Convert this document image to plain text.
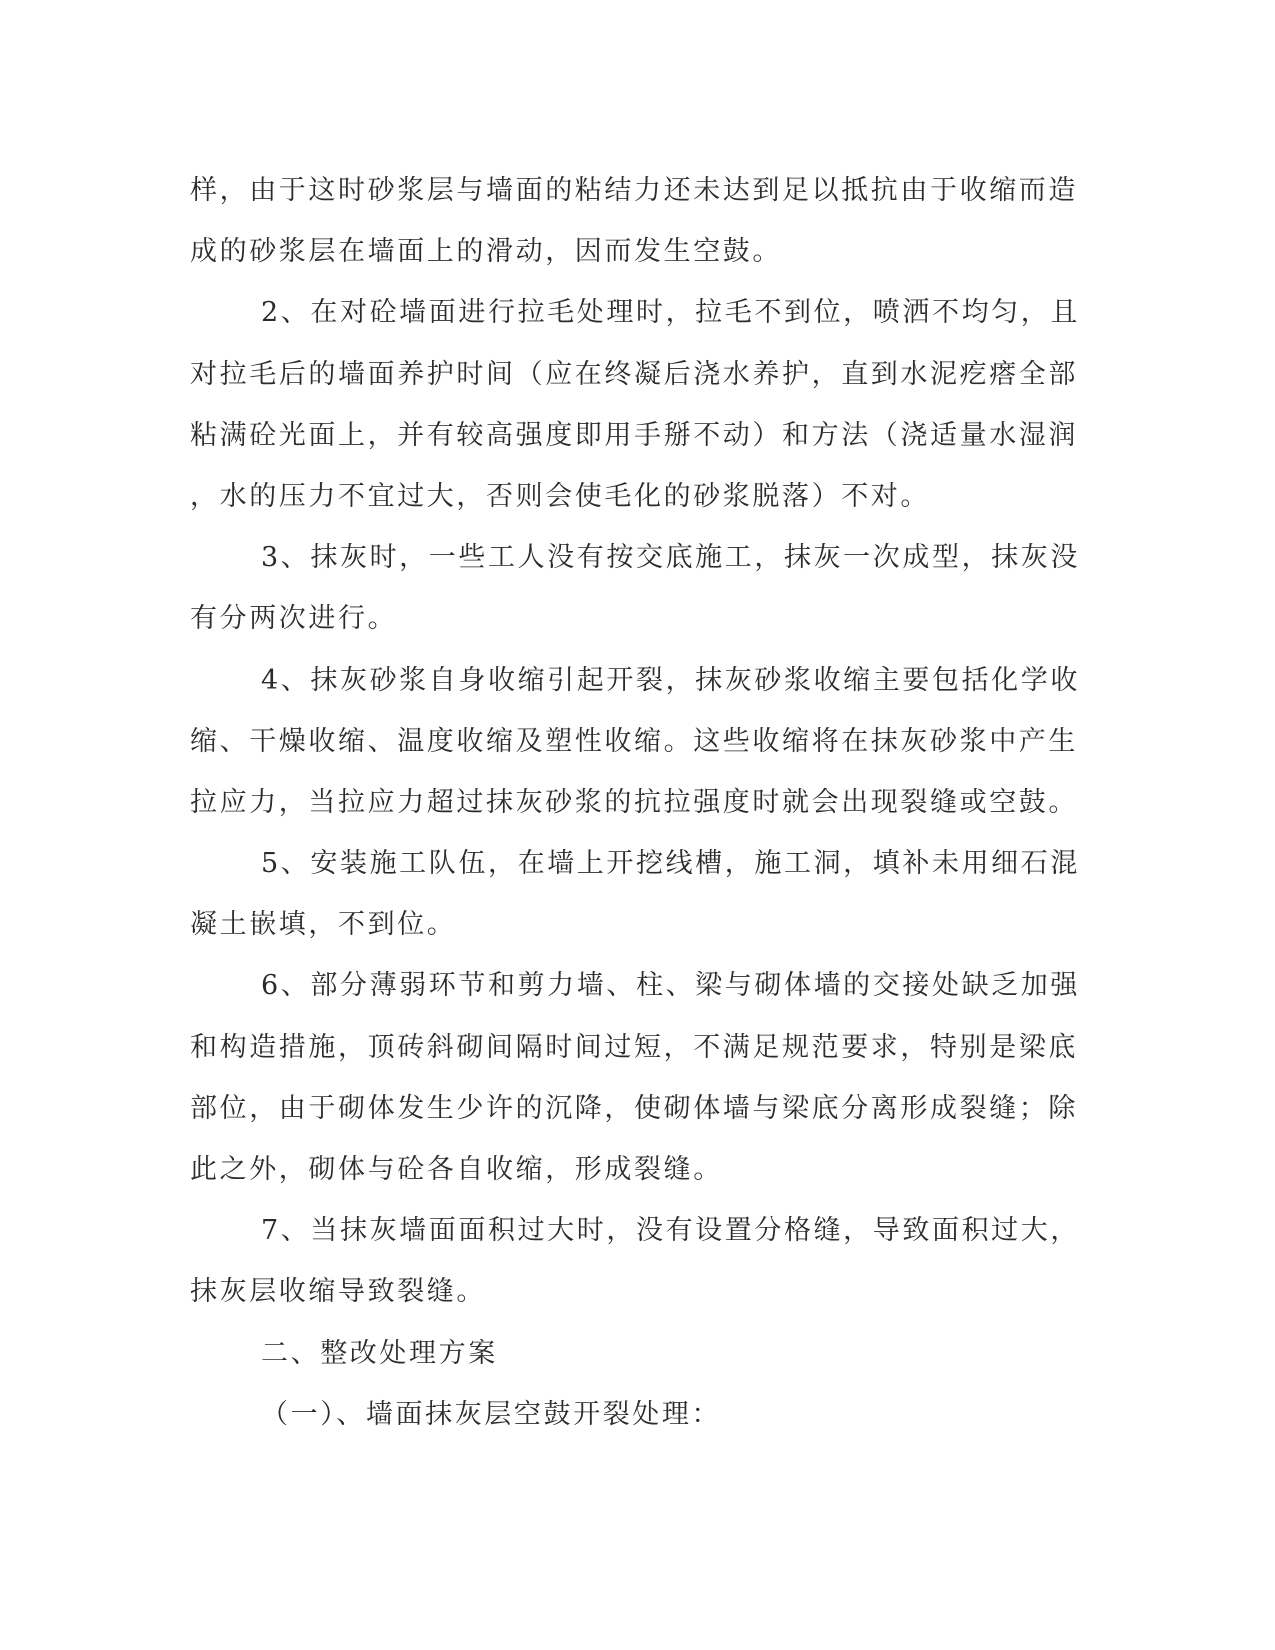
样，由于这时砂浆层与墙面的粘结力还未达到足以抵抗由于收缩而造
成的砂浆层在墙面上的滑动，因而发生空鼓。
2、在对砼墙面进行拉毛处理时，拉毛不到位，喷洒不均匀，且
对拉毛后的墙面养护时间（应在终凝后浇水养护，直到水泥疙瘩全部
粘满砼光面上，并有较高强度即用手掰不动）和方法（浇适量水湿润
，水的压力不宜过大，否则会使毛化的砂浆脱落）不对。
3、抹灰时，一些工人没有按交底施工，抹灰一次成型，抹灰没
有分两次进行。
4、抹灰砂浆自身收缩引起开裂，抹灰砂浆收缩主要包括化学收
缩、干燥收缩、温度收缩及塑性收缩。这些收缩将在抹灰砂浆中产生
拉应力，当拉应力超过抹灰砂浆的抗拉强度时就会出现裂缝或空鼓。
5、安装施工队伍，在墙上开挖线槽，施工洞，填补未用细石混
凝土嵌填，不到位。
6、部分薄弱环节和剪力墙、柱、梁与砌体墙的交接处缺乏加强
和构造措施，顶砖斜砌间隔时间过短，不满足规范要求，特别是梁底
部位，由于砌体发生少许的沉降，使砌体墙与梁底分离形成裂缝；除
此之外，砌体与砼各自收缩，形成裂缝。
7、当抹灰墙面面积过大时，没有设置分格缝，导致面积过大，
抹灰层收缩导致裂缝。
二、整改处理方案
（一）、墙面抹灰层空鼓开裂处理：
